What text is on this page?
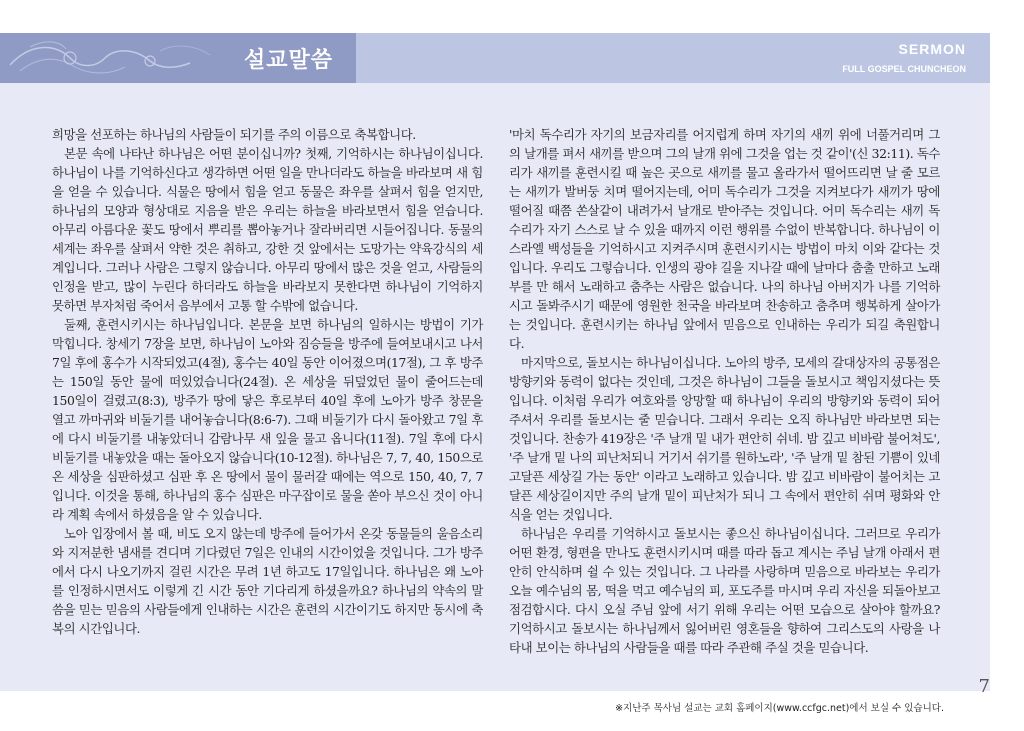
설교말씀	SERMON
FULL GOSPEL CHUNCHEON

희망을 선포하는 하나님의 사람들이 되기를 주의 이름으로 축복합니다.

본문 속에 나타난 하나님은 어떤 분이십니까? 첫째, 기억하시는 하나님이십니다. 하나님이 나를 기억하신다고 생각하면 어떤 일을 만나더라도 하늘을 바라보며 새 힘을 얻을 수 있습니다. 식물은 땅에서 힘을 얻고 동물은 좌우를 살펴서 힘을 얻지만, 하나님의 모양과 형상대로 지음을 받은 우리는 하늘을 바라보면서 힘을 얻습니다. 아무리 아름다운 꽃도 땅에서 뿌리를 뽑아놓거나 잘라버리면 시들어집니다. 동물의 세계는 좌우를 살펴서 약한 것은 취하고, 강한 것 앞에서는 도망가는 약육강식의 세계입니다. 그러나 사람은 그렇지 않습니다. 아무리 땅에서 많은 것을 얻고, 사람들의 인정을 받고, 많이 누린다 하더라도 하늘을 바라보지 못한다면 하나님이 기억하지 못하면 부자처럼 죽어서 음부에서 고통 할 수밖에 없습니다.

둘째, 훈련시키시는 하나님입니다. 본문을 보면 하나님의 일하시는 방법이 기가 막힙니다. 창세기 7장을 보면, 하나님이 노아와 짐승들을 방주에 들여보내시고 나서 7일 후에 홍수가 시작되었고(4절), 홍수는 40일 동안 이어졌으며(17절), 그 후 방주는 150일 동안 물에 떠있었습니다(24절). 온 세상을 뒤덮었던 물이 줄어드는데 150일이 걸렸고(8:3), 방주가 땅에 닿은 후로부터 40일 후에 노아가 방주 창문을 열고 까마귀와 비둘기를 내어놓습니다(8:6-7). 그때 비둘기가 다시 돌아왔고 7일 후에 다시 비둘기를 내놓았더니 감람나무 새 잎을 물고 옵니다(11절). 7일 후에 다시 비둘기를 내놓았을 때는 돌아오지 않습니다(10-12절). 하나님은 7, 7, 40, 150으로 온 세상을 심판하셨고 심판 후 온 땅에서 물이 물러갈 때에는 역으로 150, 40, 7, 7입니다. 이것을 통해, 하나님의 홍수 심판은 마구잡이로 물을 쏟아 부으신 것이 아니라 계획 속에서 하셨음을 알 수 있습니다.

노아 입장에서 볼 때, 비도 오지 않는데 방주에 들어가서 온갖 동물들의 울음소리와 지저분한 냄새를 견디며 기다렸던 7일은 인내의 시간이었을 것입니다. 그가 방주에서 다시 나오기까지 걸린 시간은 무려 1년 하고도 17일입니다. 하나님은 왜 노아를 인정하시면서도 이렇게 긴 시간 동안 기다리게 하셨을까요? 하나님의 약속의 말씀을 믿는 믿음의 사람들에게 인내하는 시간은 훈련의 시간이기도 하지만 동시에 축복의 시간입니다.

'마치 독수리가 자기의 보금자리를 어지럽게 하며 자기의 새끼 위에 너풀거리며 그의 날개를 펴서 새끼를 받으며 그의 날개 위에 그것을 업는 것 같이'(신 32:11). 독수리가 새끼를 훈련시킬 때 높은 곳으로 새끼를 물고 올라가서 떨어뜨리면 날 줄 모르는 새끼가 발버둥 치며 떨어지는데, 어미 독수리가 그것을 지켜보다가 새끼가 땅에 떨어질 때쯤 쏜살같이 내려가서 날개로 받아주는 것입니다. 어미 독수리는 새끼 독수리가 자기 스스로 날 수 있을 때까지 이런 행위를 수없이 반복합니다. 하나님이 이스라엘 백성들을 기억하시고 지켜주시며 훈련시키시는 방법이 마치 이와 같다는 것입니다. 우리도 그렇습니다. 인생의 광야 길을 지나갈 때에 날마다 춤출 만하고 노래 부를 만 해서 노래하고 춤추는 사람은 없습니다. 나의 하나님 아버지가 나를 기억하시고 돌봐주시기 때문에 영원한 천국을 바라보며 찬송하고 춤추며 행복하게 살아가는 것입니다. 훈련시키는 하나님 앞에서 믿음으로 인내하는 우리가 되길 축원합니다.

마지막으로, 돌보시는 하나님이십니다. 노아의 방주, 모세의 갈대상자의 공통점은 방향키와 동력이 없다는 것인데, 그것은 하나님이 그들을 돌보시고 책임지셨다는 뜻입니다. 이처럼 우리가 여호와를 앙망할 때 하나님이 우리의 방향키와 동력이 되어주셔서 우리를 돌보시는 줄 믿습니다. 그래서 우리는 오직 하나님만 바라보면 되는 것입니다. 찬송가 419장은 '주 날개 밑 내가 편안히 쉬네. 밤 깊고 비바람 불어쳐도', '주 날개 밑 나의 피난처되니 거기서 쉬기를 원하노라', '주 날개 밑 참된 기쁨이 있네 고달픈 세상길 가는 동안' 이라고 노래하고 있습니다. 밤 깊고 비바람이 불어치는 고달픈 세상길이지만 주의 날개 밑이 피난처가 되니 그 속에서 편안히 쉬며 평화와 안식을 얻는 것입니다.

하나님은 우리를 기억하시고 돌보시는 좋으신 하나님이십니다. 그러므로 우리가 어떤 환경, 형편을 만나도 훈련시키시며 때를 따라 돕고 계시는 주님 날개 아래서 편안히 안식하며 쉴 수 있는 것입니다. 그 나라를 사랑하며 믿음으로 바라보는 우리가 오늘 예수님의 몸, 떡을 먹고 예수님의 피, 포도주를 마시며 우리 자신을 되돌아보고 점검합시다. 다시 오실 주님 앞에 서기 위해 우리는 어떤 모습으로 살아야 할까요? 기억하시고 돌보시는 하나님께서 잃어버린 영혼들을 향하여 그리스도의 사랑을 나타내 보이는 하나님의 사람들을 때를 따라 주관해 주실 것을 믿습니다.

7
※지난주 목사님 설교는 교회 홈페이지(www.ccfgc.net)에서 보실 수 있습니다.
